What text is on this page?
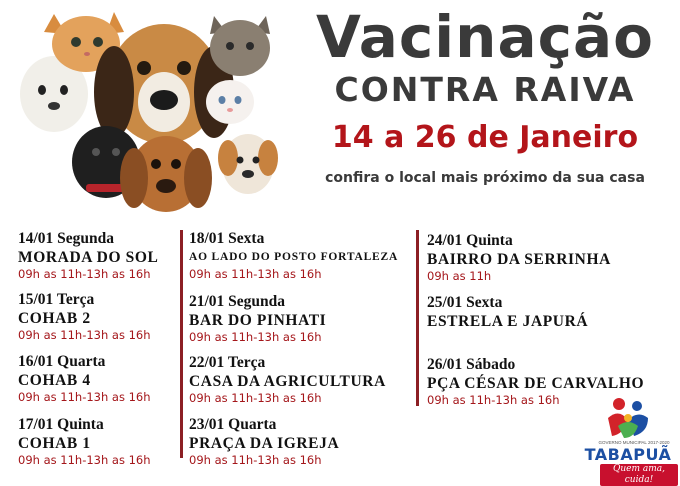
Vacinação
CONTRA RAIVA
14 a 26 de Janeiro
confira o local mais próximo da sua casa
14/01 Segunda
MORADA DO SOL
09h as 11h-13h as 16h
15/01 Terça
COHAB 2
09h as 11h-13h as 16h
16/01 Quarta
COHAB 4
09h as 11h-13h as 16h
17/01 Quinta
COHAB 1
09h as 11h-13h as 16h
18/01 Sexta
AO LADO DO POSTO FORTALEZA
09h as 11h-13h as 16h
21/01 Segunda
BAR DO PINHATI
09h as 11h-13h as 16h
22/01 Terça
CASA DA AGRICULTURA
09h as 11h-13h as 16h
23/01 Quarta
PRAÇA DA IGREJA
09h as 11h-13h as 16h
24/01 Quinta
BAIRRO DA SERRINHA
09h as 11h
25/01 Sexta
ESTRELA E JAPURÁ
26/01 Sábado
PÇA CÉSAR DE CARVALHO
09h as 11h-13h as 16h
GOVERNO MUNICIPAL 2017-2020
TABAPUÃ
Quem ama, cuida!
